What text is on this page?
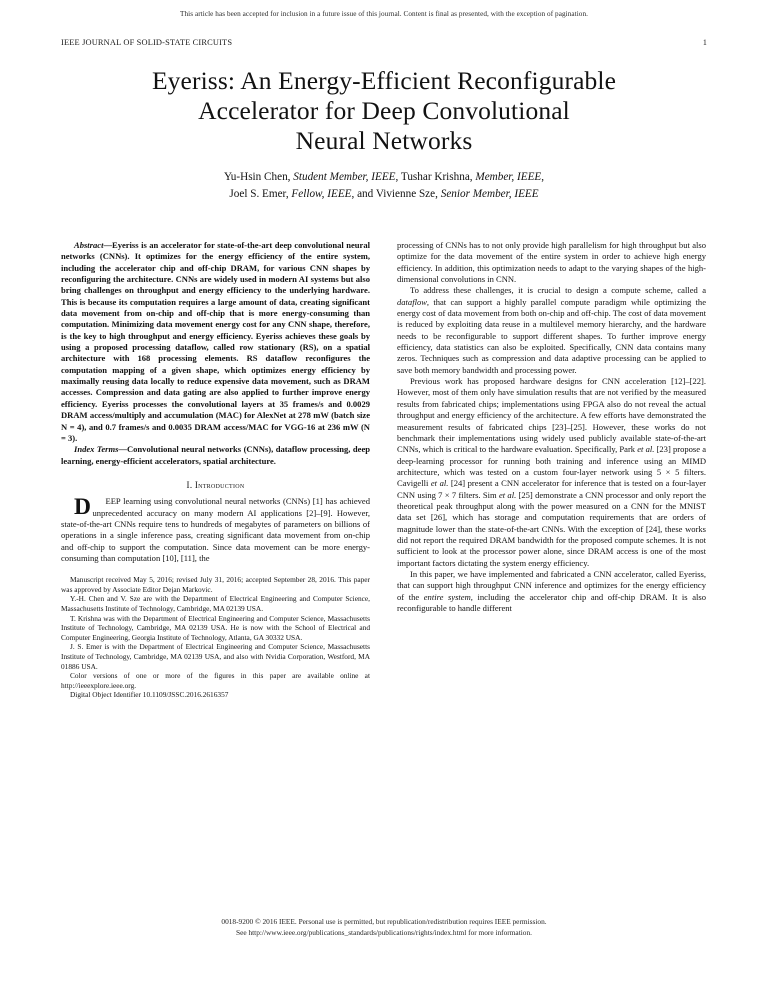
This article has been accepted for inclusion in a future issue of this journal. Content is final as presented, with the exception of pagination.
IEEE JOURNAL OF SOLID-STATE CIRCUITS	1
Eyeriss: An Energy-Efficient Reconfigurable
Accelerator for Deep Convolutional
Neural Networks
Yu-Hsin Chen, Student Member, IEEE, Tushar Krishna, Member, IEEE,
Joel S. Emer, Fellow, IEEE, and Vivienne Sze, Senior Member, IEEE

Abstract—Eyeriss is an accelerator for state-of-the-art deep convolutional neural networks (CNNs). It optimizes for the energy efficiency of the entire system, including the accelerator chip and off-chip DRAM, for various CNN shapes by reconfiguring the architecture. CNNs are widely used in modern AI systems but also bring challenges on throughput and energy efficiency to the underlying hardware. This is because its computation requires a large amount of data, creating significant data movement from on-chip and off-chip that is more energy-consuming than computation. Minimizing data movement energy cost for any CNN shape, therefore, is the key to high throughput and energy efficiency. Eyeriss achieves these goals by using a proposed processing dataflow, called row stationary (RS), on a spatial architecture with 168 processing elements. RS dataflow reconfigures the computation mapping of a given shape, which optimizes energy efficiency by maximally reusing data locally to reduce expensive data movement, such as DRAM accesses. Compression and data gating are also applied to further improve energy efficiency. Eyeriss processes the convolutional layers at 35 frames/s and 0.0029 DRAM access/multiply and accumulation (MAC) for AlexNet at 278 mW (batch size N = 4), and 0.7 frames/s and 0.0035 DRAM access/MAC for VGG-16 at 236 mW (N = 3).

Index Terms—Convolutional neural networks (CNNs), dataflow processing, deep learning, energy-efficient accelerators, spatial architecture.

I. Introduction

D EEP learning using convolutional neural networks (CNNs) [1] has achieved unprecedented accuracy on many modern AI applications [2]–[9]. However, state-of-the-art CNNs require tens to hundreds of megabytes of parameters on billions of operations in a single inference pass, creating significant data movement from on-chip and off-chip to support the computation. Since data movement can be more energy-consuming than computation [10], [11], the

Manuscript received May 5, 2016; revised July 31, 2016; accepted September 28, 2016. This paper was approved by Associate Editor Dejan Markovic.

Y.-H. Chen and V. Sze are with the Department of Electrical Engineering and Computer Science, Massachusetts Institute of Technology, Cambridge, MA 02139 USA.

T. Krishna was with the Department of Electrical Engineering and Computer Science, Massachusetts Institute of Technology, Cambridge, MA 02139 USA. He is now with the School of Electrical and Computer Engineering, Georgia Institute of Technology, Atlanta, GA 30332 USA.

J. S. Emer is with the Department of Electrical Engineering and Computer Science, Massachusetts Institute of Technology, Cambridge, MA 02139 USA, and also with Nvidia Corporation, Westford, MA 01886 USA.

Color versions of one or more of the figures in this paper are available online at http://ieeexplore.ieee.org.

Digital Object Identifier 10.1109/JSSC.2016.2616357

processing of CNNs has to not only provide high parallelism for high throughput but also optimize for the data movement of the entire system in order to achieve high energy efficiency. In addition, this optimization needs to adapt to the varying shapes of the high-dimensional convolutions in CNN.

To address these challenges, it is crucial to design a compute scheme, called a dataflow, that can support a highly parallel compute paradigm while optimizing the energy cost of data movement from both on-chip and off-chip. The cost of data movement is reduced by exploiting data reuse in a multilevel memory hierarchy, and the hardware needs to be reconfigurable to support different shapes. To further improve energy efficiency, data statistics can also be exploited. Specifically, CNN data contains many zeros. Techniques such as compression and data adaptive processing can be applied to save both memory bandwidth and processing power.

Previous work has proposed hardware designs for CNN acceleration [12]–[22]. However, most of them only have simulation results that are not verified by the measured results from fabricated chips; implementations using FPGA also do not reveal the actual throughput and energy efficiency of the architecture. A few efforts have demonstrated the measurement results of fabricated chips [23]–[25]. However, these works do not benchmark their implementations using widely used publicly available state-of-the-art CNNs, which is critical to the hardware evaluation. Specifically, Park et al. [23] propose a deep-learning processor for running both training and inference using an MIMD architecture, which was tested on a custom four-layer network using 5 × 5 filters. Cavigelli et al. [24] present a CNN accelerator for inference that is tested on a four-layer CNN using 7 × 7 filters. Sim et al. [25] demonstrate a CNN processor and only report the theoretical peak throughput along with the power measured on a CNN for the MNIST data set [26], which has storage and computation requirements that are orders of magnitude lower than the state-of-the-art CNNs. With the exception of [24], these works did not report the required DRAM bandwidth for the proposed compute schemes. It is not sufficient to look at the processor power alone, since DRAM access is one of the most important factors dictating the system energy efficiency.

In this paper, we have implemented and fabricated a CNN accelerator, called Eyeriss, that can support high throughput CNN inference and optimizes for the energy efficiency of the entire system, including the accelerator chip and off-chip DRAM. It is also reconfigurable to handle different

0018-9200 © 2016 IEEE. Personal use is permitted, but republication/redistribution requires IEEE permission.
See http://www.ieee.org/publications_standards/publications/rights/index.html for more information.
